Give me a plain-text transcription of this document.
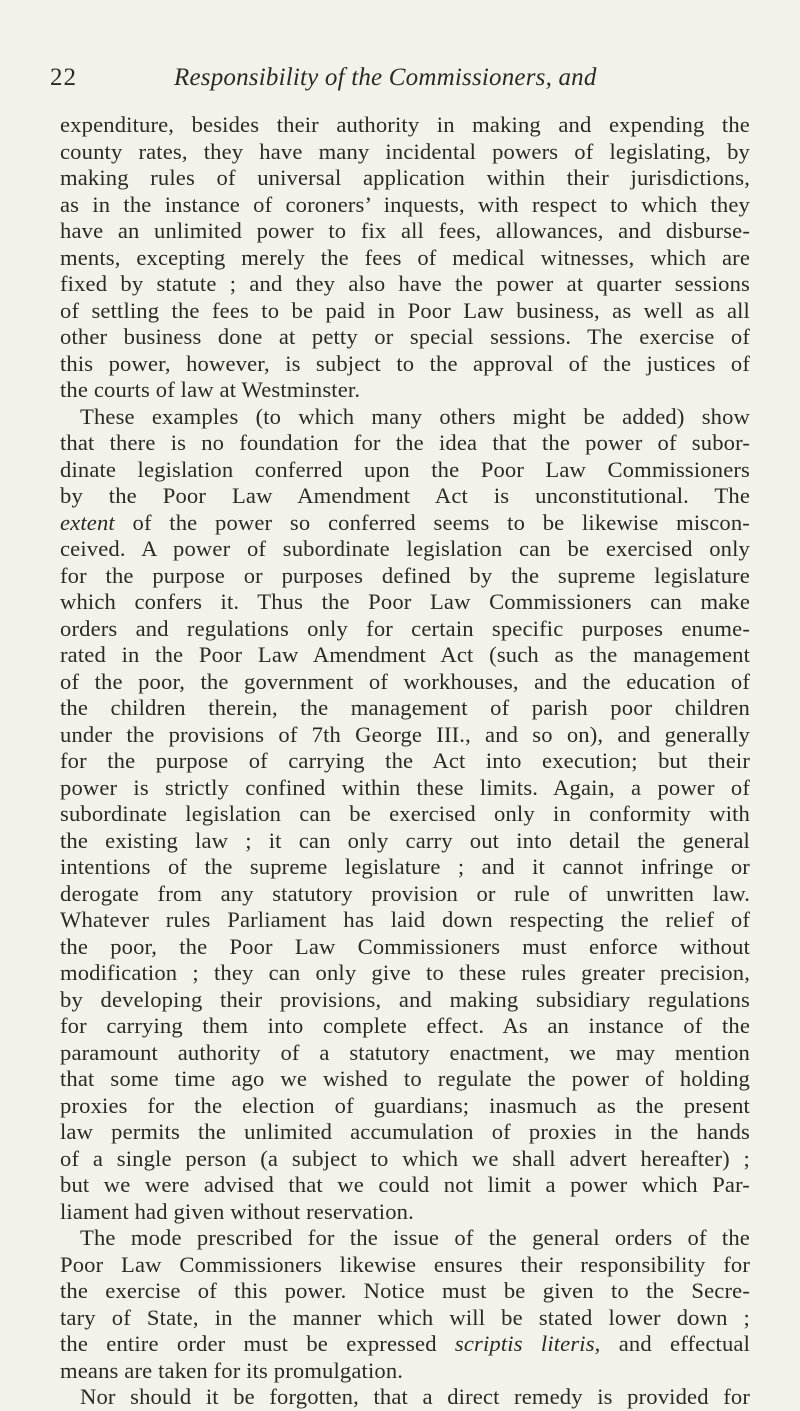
22	Responsibility of the Commissioners, and
expenditure, besides their authority in making and expending the
county rates, they have many incidental powers of legislating, by
making rules of universal application within their jurisdictions,
as in the instance of coroners’ inquests, with respect to which they
have an unlimited power to fix all fees, allowances, and disburse-
ments, excepting merely the fees of medical witnesses, which are
fixed by statute ; and they also have the power at quarter sessions
of settling the fees to be paid in Poor Law business, as well as all
other business done at petty or special sessions. The exercise of
this power, however, is subject to the approval of the justices of
the courts of law at Westminster.
These examples (to which many others might be added) show
that there is no foundation for the idea that the power of subor-
dinate legislation conferred upon the Poor Law Commissioners
by the Poor Law Amendment Act is unconstitutional. The
extent of the power so conferred seems to be likewise miscon-
ceived. A power of subordinate legislation can be exercised only
for the purpose or purposes defined by the supreme legislature
which confers it. Thus the Poor Law Commissioners can make
orders and regulations only for certain specific purposes enume-
rated in the Poor Law Amendment Act (such as the management
of the poor, the government of workhouses, and the education of
the children therein, the management of parish poor children
under the provisions of 7th George III., and so on), and generally
for the purpose of carrying the Act into execution; but their
power is strictly confined within these limits. Again, a power of
subordinate legislation can be exercised only in conformity with
the existing law ; it can only carry out into detail the general
intentions of the supreme legislature ; and it cannot infringe or
derogate from any statutory provision or rule of unwritten law.
Whatever rules Parliament has laid down respecting the relief of
the poor, the Poor Law Commissioners must enforce without
modification ; they can only give to these rules greater precision,
by developing their provisions, and making subsidiary regulations
for carrying them into complete effect. As an instance of the
paramount authority of a statutory enactment, we may mention
that some time ago we wished to regulate the power of holding
proxies for the election of guardians; inasmuch as the present
law permits the unlimited accumulation of proxies in the hands
of a single person (a subject to which we shall advert hereafter) ;
but we were advised that we could not limit a power which Par-
liament had given without reservation.
The mode prescribed for the issue of the general orders of the
Poor Law Commissioners likewise ensures their responsibility for
the exercise of this power. Notice must be given to the Secre-
tary of State, in the manner which will be stated lower down ;
the entire order must be expressed scriptis literis, and effectual
means are taken for its promulgation.
Nor should it be forgotten, that a direct remedy is provided for
